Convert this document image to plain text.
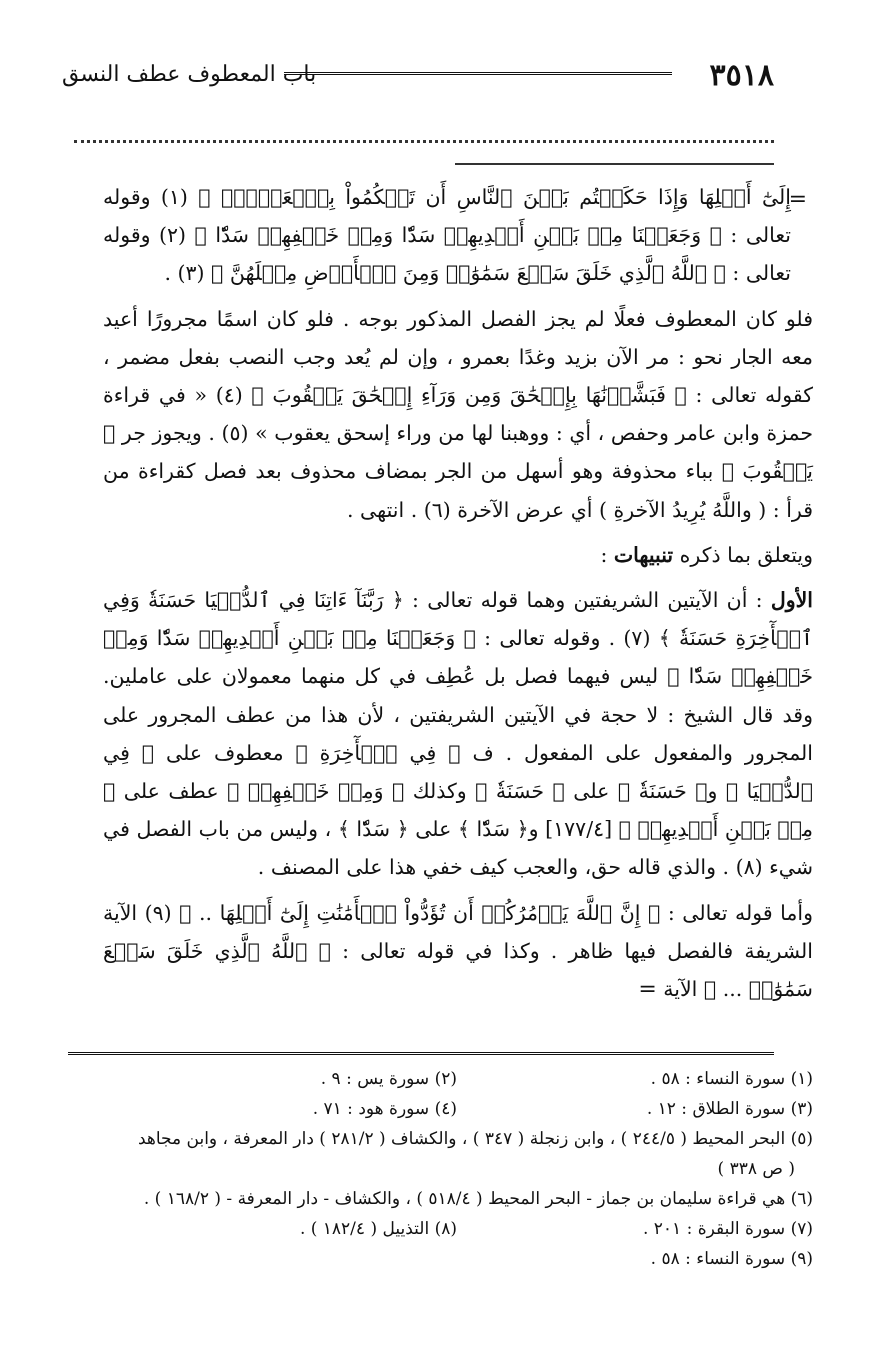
٣٥١٨
باب المعطوف عطف النسق

=
إِلَىٰٓ أَهۡلِهَا وَإِذَا حَكَمۡتُم بَيۡنَ ٱلنَّاسِ أَن تَحۡكُمُواْ بِٱلۡعَدۡلِۚ ﴾ (١) وقوله تعالى : ﴿ وَجَعَلۡنَا مِنۢ بَيۡنِ أَيۡدِيهِمۡ سَدّٗا وَمِنۡ خَلۡفِهِمۡ سَدّٗا ﴾ (٢) وقوله تعالى : ﴿ ٱللَّهُ ٱلَّذِي خَلَقَ سَبۡعَ سَمَٰوَٰتٖ وَمِنَ ٱلۡأَرۡضِ مِثۡلَهُنَّ ﴾ (٣) .

فلو كان المعطوف فعلًا لم يجز الفصل المذكور بوجه . فلو كان اسمًا مجرورًا أعيد معه الجار نحو : مر الآن بزيد وغدًا بعمرو ، وإن لم يُعد وجب النصب بفعل مضمر ، كقوله تعالى : ﴿ فَبَشَّرۡنَٰهَا بِإِسۡحَٰقَ وَمِن وَرَآءِ إِسۡحَٰقَ يَعۡقُوبَ ﴾ (٤) « في قراءة حمزة وابن عامر وحفص ، أي : ووهبنا لها من وراء إسحق يعقوب » (٥) . ويجوز جر ﴿ يَعۡقُوبَ ﴾ بباء محذوفة وهو أسهل من الجر بمضاف محذوف بعد فصل كقراءة من قرأ : ( واللَّهُ يُرِيدُ الآخرةِ ) أي عرض الآخرة (٦) . انتهى .

ويتعلق بما ذكره تنبيهات :

الأول : أن الآيتين الشريفتين وهما قوله تعالى : ﴿ رَبَّنَآ ءَاتِنَا فِي ٱلدُّنۡيَا حَسَنَةٗ وَفِي ٱلۡأٓخِرَةِ حَسَنَةٗ ﴾ (٧) . وقوله تعالى : ﴿ وَجَعَلۡنَا مِنۢ بَيۡنِ أَيۡدِيهِمۡ سَدّٗا وَمِنۡ خَلۡفِهِمۡ سَدّٗا ﴾ ليس فيهما فصل بل عُطِف في كل منهما معمولان على عاملين. وقد قال الشيخ : لا حجة في الآيتين الشريفتين ، لأن هذا من عطف المجرور على المجرور والمفعول على المفعول . ف ﴿ فِي ٱلۡأٓخِرَةِ ﴾ معطوف على ﴿ فِي ٱلدُّنۡيَا ﴾ و﴿ حَسَنَةٗ ﴾ على ﴿ حَسَنَةٗ ﴾ وكذلك ﴿ وَمِنۡ خَلۡفِهِمۡ ﴾ عطف على ﴿ مِنۢ بَيۡنِ أَيۡدِيهِمۡ ﴾ [١٧٧/٤] و﴿ سَدّٗا ﴾ على ﴿ سَدّٗا ﴾ ، وليس من باب الفصل في شيء (٨) . والذي قاله حق، والعجب كيف خفي هذا على المصنف .

وأما قوله تعالى : ﴿ إِنَّ ٱللَّهَ يَأۡمُرُكُمۡ أَن تُؤَدُّواْ ٱلۡأَمَٰنَٰتِ إِلَىٰٓ أَهۡلِهَا .. ﴾ (٩) الآية الشريفة فالفصل فيها ظاهر . وكذا في قوله تعالى : ﴿ ٱللَّهُ ٱلَّذِي خَلَقَ سَبۡعَ سَمَٰوَٰتٖ ... ﴾ الآية =

(١) سورة النساء : ٥٨ .
(٢) سورة يس : ٩ .
(٣) سورة الطلاق : ١٢ .
(٤) سورة هود : ٧١ .
(٥) البحر المحيط ( ٢٤٤/٥ ) ، وابن زنجلة ( ٣٤٧ ) ، والكشاف ( ٢٨١/٢ ) دار المعرفة ، وابن مجاهد
( ص ٣٣٨ )
(٦) هي قراءة سليمان بن جماز - البحر المحيط ( ٥١٨/٤ ) ، والكشاف - دار المعرفة - ( ١٦٨/٢ ) .
(٧) سورة البقرة : ٢٠١ .
(٨) التذييل ( ١٨٢/٤ ) .
(٩) سورة النساء : ٥٨ .
